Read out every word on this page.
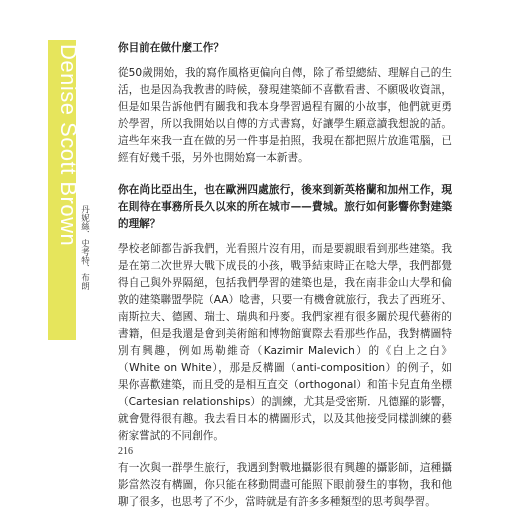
Denise Scott Brown
丹妮絲．史考特．布朗

你目前在做什麼工作？

從50歲開始，我的寫作風格更偏向自傳，除了希望總結、理解自己的生活，也是因為我教書的時候，發現建築師不喜歡看書、不願吸收資訊，但是如果告訴他們有關我和我本身學習過程有關的小故事，他們就更勇於學習，所以我開始以自傳的方式書寫，好讓學生願意讀我想說的話。這些年來我一直在做的另一件事是拍照，我現在都把照片放進電腦，已經有好幾千張，另外也開始寫一本新書。

你在尚比亞出生，也在歐洲四處旅行，後來到新英格蘭和加州工作，現在則待在事務所長久以來的所在城市——費城。旅行如何影響你對建築的理解？

學校老師都告訴我們，光看照片沒有用，而是要親眼看到那些建築。我是在第二次世界大戰下成長的小孩，戰爭結束時正在唸大學，我們都覺得自己與外界隔絕，包括我們學習的建築也是，我在南非金山大學和倫敦的建築聯盟學院（AA）唸書，只要一有機會就旅行，我去了西班牙、南斯拉夫、德國、瑞士、瑞典和丹麥。我們家裡有很多關於現代藝術的書籍，但是我還是會到美術館和博物館實際去看那些作品，我對構圖特別有興趣，例如馬勒維奇（Kazimir Malevich）的《白上之白》（White on White），那是反構圖（anti-composition）的例子，如果你喜歡建築，而且受的是相互直交（orthogonal）和笛卡兒直角坐標（Cartesian relationships）的訓練，尤其是受密斯．凡德羅的影響，就會覺得很有趣。我去看日本的構圖形式，以及其他接受同樣訓練的藝術家嘗試的不同創作。

有一次與一群學生旅行，我遇到對戰地攝影很有興趣的攝影師，這種攝影當然沒有構圖，你只能在移動間盡可能照下眼前發生的事物，我和他聊了很多，也思考了不少，當時就是有許多多種類型的思考與學習。

216
